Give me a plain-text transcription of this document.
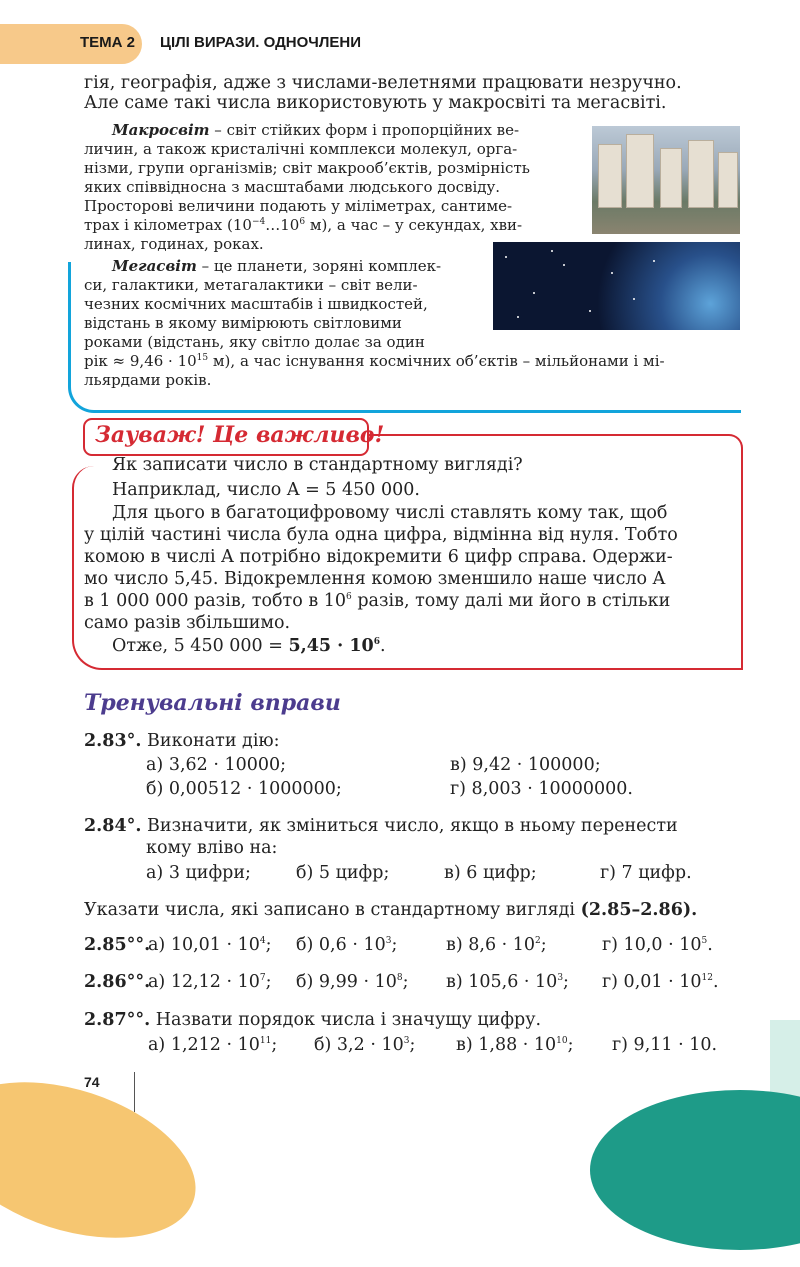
ТЕМА 2 ЦІЛІ ВИРАЗИ. ОДНОЧЛЕНИ
гія, географія, адже з числами-велетнями працювати незручно.
Але саме такі числа використовують у макросвіті та мегасвіті.
Макросвіт – світ стійких форм і пропорційних ве-
личин, а також кристалічні комплекси молекул, орга-
нізми, групи організмів; світ макрооб’єктів, розмірність
яких співвідносна з масштабами людського досвіду.
Просторові величини подають у міліметрах, сантиме-
трах і кілометрах ($10^{-4}\dots 10^6$ м), а час – у секундах, хви-
линах, годинах, роках.
Мегасвіт – це планети, зоряні комплек-
си, галактики, метагалактики – світ вели-
чезних космічних масштабів і швидкостей,
відстань в якому вимірюють світловими
роками (відстань, яку світло долає за один
рік ≈ $9,46 \cdot 10^{15}$ м), а час існування космічних об’єктів – мільйонами і мі-
льярдами років.
Зауваж! Це важливо!
Як записати число в стандартному вигляді?
Наприклад, число A = 5 450 000.
Для цього в багатоцифровому числі ставлять кому так, щоб
у цілій частині числа була одна цифра, відмінна від нуля. Тобто
комою в числі A потрібно відокремити 6 цифр справа. Одержи-
мо число 5,45. Відокремлення комою зменшило наше число A
в 1 000 000 разів, тобто в $10^6$ разів, тому далі ми його в стільки
само разів збільшимо.
Отже, 5 450 $000 = 5,45 \cdot 10^6$.
Тренувальні вправи
2.83°. Виконати дію:
а) 3,62 · 10000;	в) 9,42 · 100000;
б) 0,00512 · 1000000;	г) 8,003 · 10000000.
2.84°. Визначити, як зміниться число, якщо в ньому перенести
кому вліво на:
а) 3 цифри;	б) 5 цифр;	в) 6 цифр;	г) 7 цифр.
Указати числа, які записано в стандартному вигляді (2.85–2.86).
2.85°°.
а) $10,01 \cdot 10^4$; б) $0,6 \cdot 10^3$;	в) $8,6 \cdot 10^2$;	г) $10,0 \cdot 10^5$.
2.86°°.
а) $12,12 \cdot 10^7$; б) $9,99 \cdot 10^8$; в) $105,6 \cdot 10^3$; г) $0,01 \cdot 10^{12}$.
2.87°°. Назвати порядок числа і значущу цифру.
а) $1,212 \cdot 10^{11}$; б) $3,2 \cdot 10^3$; в) $1,88 \cdot 10^{10}$; г) 9,11 · 10.
74
